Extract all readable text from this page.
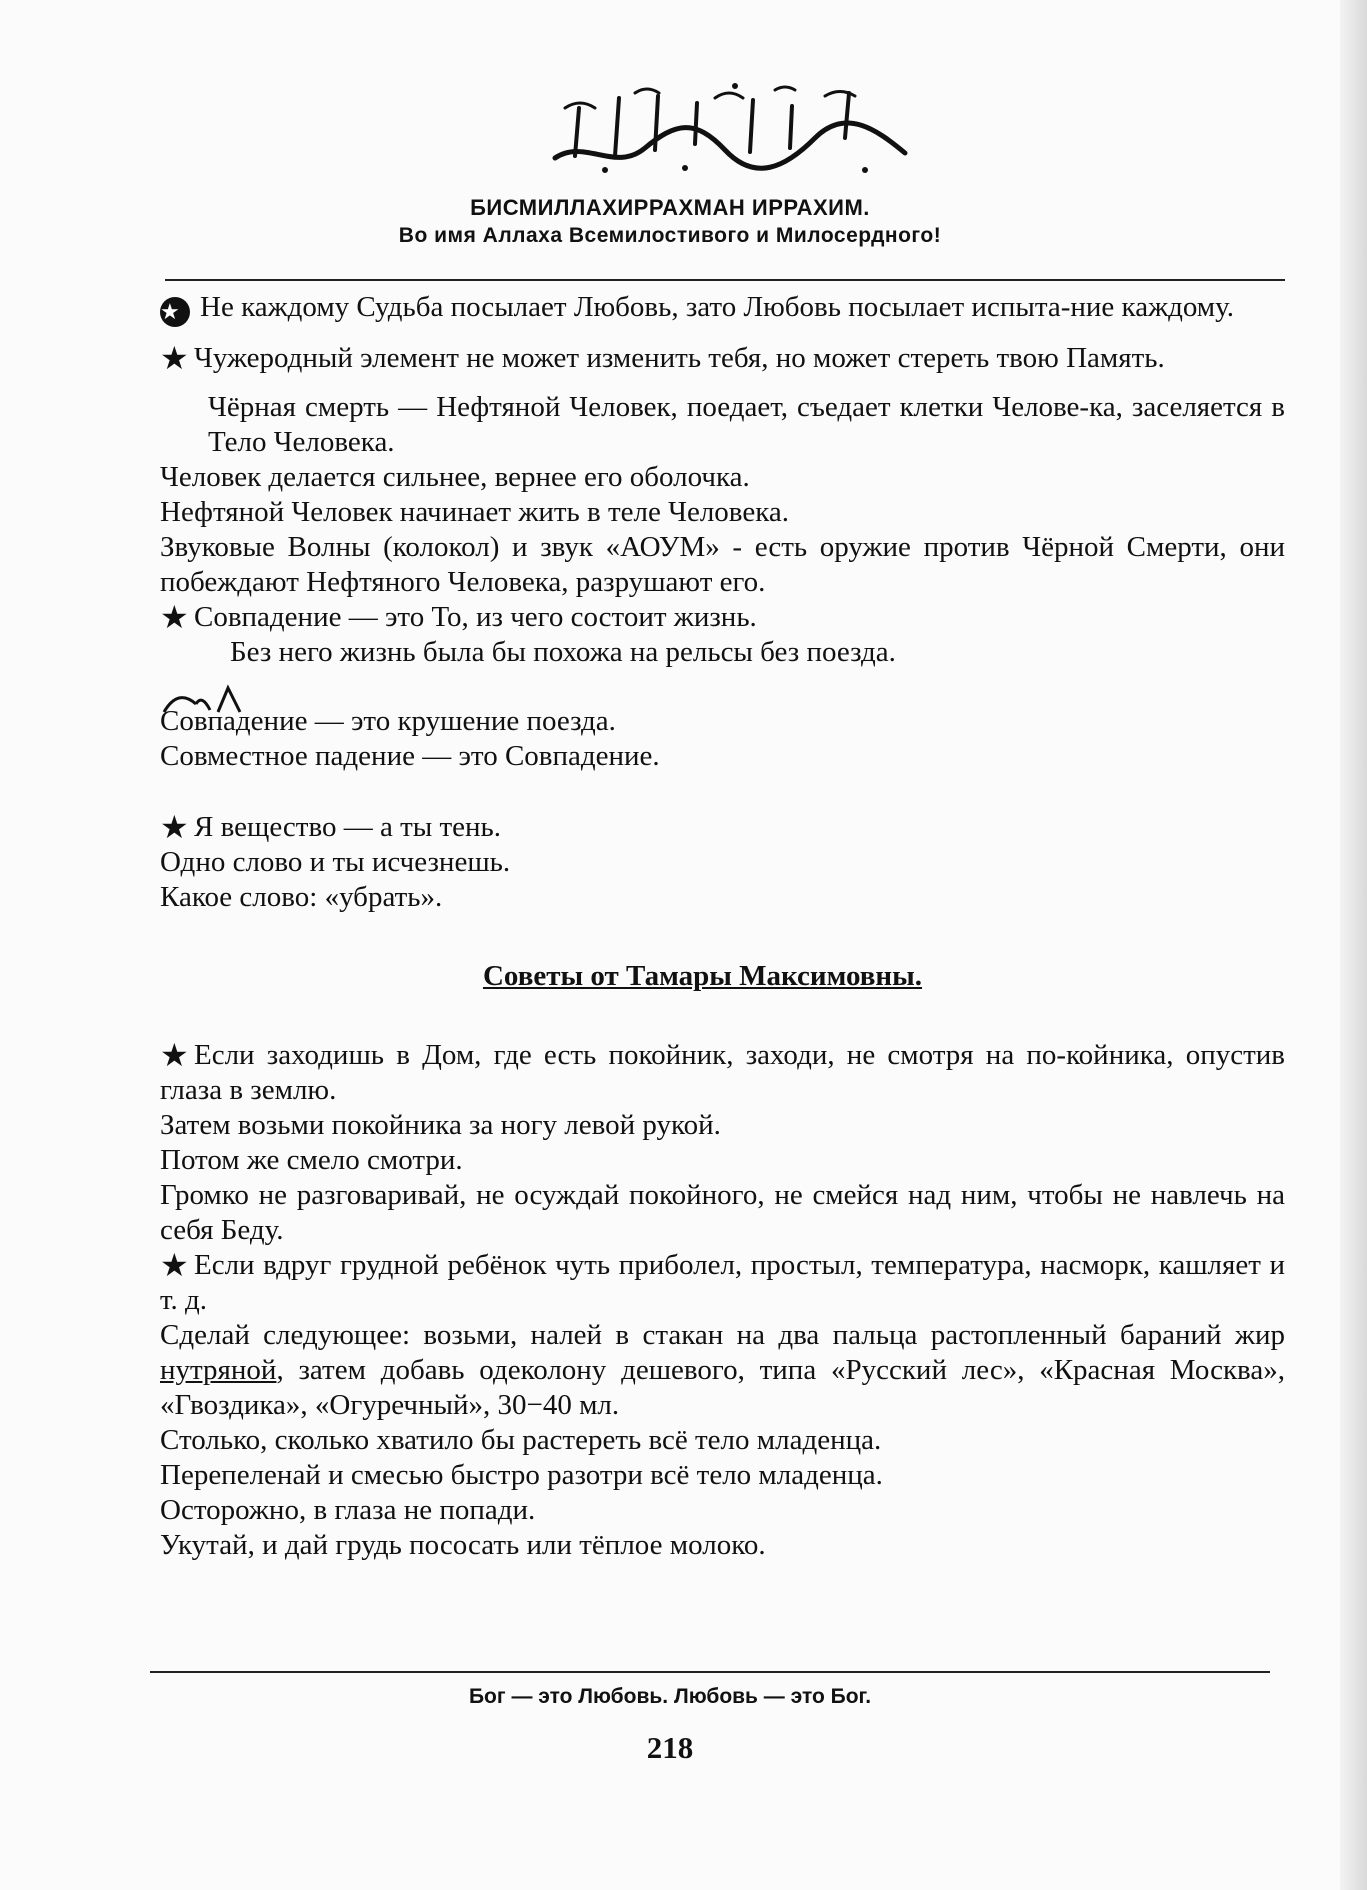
БИСМИЛЛАХИРРАХМАН ИРРАХИМ.
Во имя Аллаха Всемилостивого и Милосердного!

★ Не каждому Судьба посылает Любовь, зато Любовь посылает испыта-ние каждому.

★ Чужеродный элемент не может изменить тебя, но может стереть твою Память.

Чёрная смерть — Нефтяной Человек, поедает, съедает клетки Челове-ка, заселяется в Тело Человека.

Человек делается сильнее, вернее его оболочка.

Нефтяной Человек начинает жить в теле Человека.

Звуковые Волны (колокол) и звук «АОУМ» - есть оружие против Чёрной Смерти, они побеждают Нефтяного Человека, разрушают его.

★ Совпадение — это То, из чего состоит жизнь.

Без него жизнь была бы похожа на рельсы без поезда.

Совпадение — это крушение поезда.

Совместное падение — это Совпадение.

★ Я вещество — а ты тень.

Одно слово и ты исчезнешь.

Какое слово: «убрать».

Советы от Тамары Максимовны.

★ Если заходишь в Дом, где есть покойник, заходи, не смотря на по-койника, опустив глаза в землю.

Затем возьми покойника за ногу левой рукой.

Потом же смело смотри.

Громко не разговаривай, не осуждай покойного, не смейся над ним, чтобы не навлечь на себя Беду.

★ Если вдруг грудной ребёнок чуть приболел, простыл, температура, насморк, кашляет и т. д.

Сделай следующее: возьми, налей в стакан на два пальца растопленный бараний жир нутряной, затем добавь одеколону дешевого, типа «Русский лес», «Красная Москва», «Гвоздика», «Огуречный», 30−40 мл.

Столько, сколько хватило бы растереть всё тело младенца.

Перепеленай и смесью быстро разотри всё тело младенца.

Осторожно, в глаза не попади.

Укутай, и дай грудь пососать или тёплое молоко.

Бог — это Любовь. Любовь — это Бог.
218
